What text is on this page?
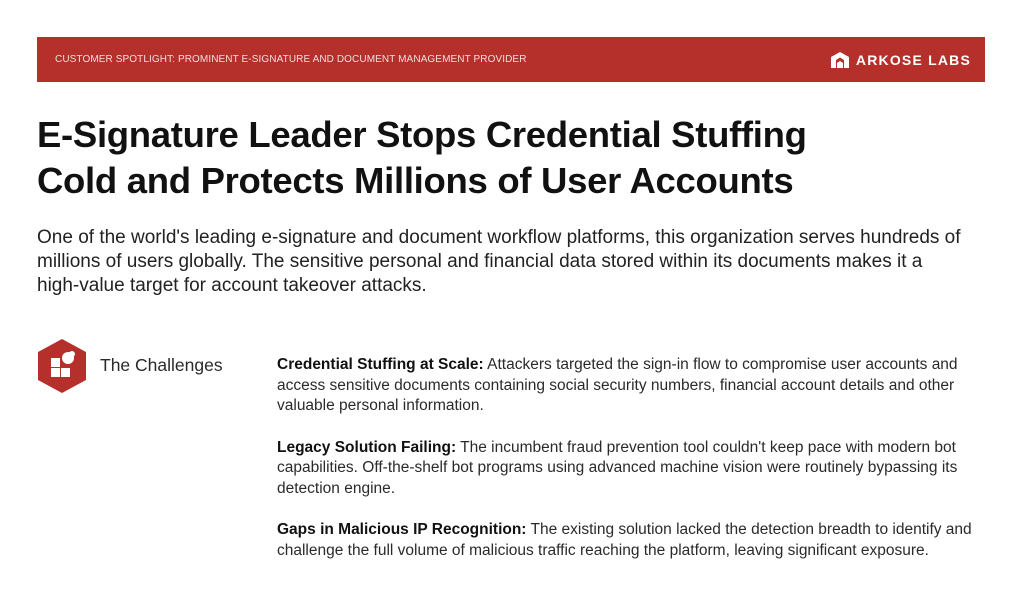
CUSTOMER SPOTLIGHT: PROMINENT E-SIGNATURE AND DOCUMENT MANAGEMENT PROVIDER	ARKOSE LABS
E-Signature Leader Stops Credential Stuffing
Cold and Protects Millions of User Accounts
One of the world's leading e-signature and document workflow platforms, this organization serves hundreds of millions of users globally. The sensitive personal and financial data stored within its documents makes it a high-value target for account takeover attacks.
The Challenges	Credential Stuffing at Scale: Attackers targeted the sign-in flow to compromise user accounts and access sensitive documents containing social security numbers, financial account details and other valuable personal information.
Legacy Solution Failing: The incumbent fraud prevention tool couldn't keep pace with modern bot capabilities. Off-the-shelf bot programs using advanced machine vision were routinely bypassing its detection engine.
Gaps in Malicious IP Recognition: The existing solution lacked the detection breadth to identify and challenge the full volume of malicious traffic reaching the platform, leaving significant exposure.
